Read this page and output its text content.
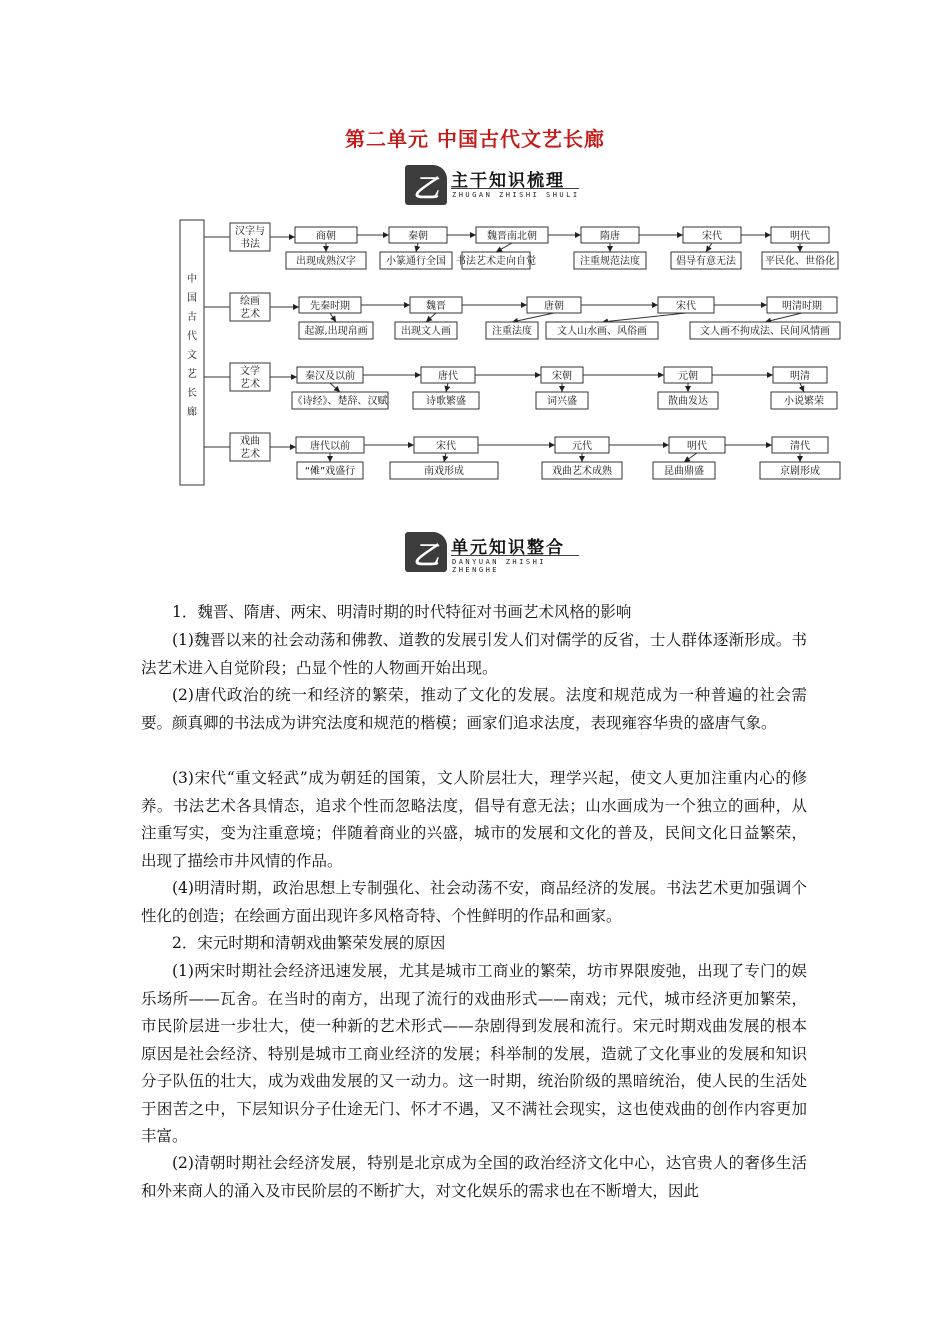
第二单元 中国古代文艺长廊
乙 主干知识梳理
ZHUGAN ZHISHI SHULI
中
国
古
代
文
艺
长
廊
汉字与
书法
商朝
出现成熟汉字
秦朝
小篆通行全国
魏晋南北朝
书法艺术走向自觉
隋唐
注重规范法度
宋代
倡导有意无法
明代
平民化、世俗化
绘画
艺术
先秦时期
起源,出现帛画
魏晋
出现文人画
唐朝
注重法度
宋代
文人山水画、风俗画
明清时期
文人画不拘成法、民间风情画
文学
艺术
秦汉及以前
《诗经》、楚辞、汉赋
唐代
诗歌繁盛
宋朝
词兴盛
元朝
散曲发达
明清
小说繁荣
戏曲
艺术
唐代以前
“傩”戏盛行
宋代
南戏形成
元代
戏曲艺术成熟
明代
昆曲鼎盛
清代
京剧形成
乙 单元知识整合
DANYUAN ZHISHI ZHENGHE
1．魏晋、隋唐、两宋、明清时期的时代特征对书画艺术风格的影响
(1)魏晋以来的社会动荡和佛教、道教的发展引发人们对儒学的反省，士人群体逐渐形成。书法艺术进入自觉阶段；凸显个性的人物画开始出现。
(2)唐代政治的统一和经济的繁荣，推动了文化的发展。法度和规范成为一种普遍的社会需要。颜真卿的书法成为讲究法度和规范的楷模；画家们追求法度，表现雍容华贵的盛唐气象。
(3)宋代“重文轻武”成为朝廷的国策，文人阶层壮大，理学兴起，使文人更加注重内心的修养。书法艺术各具情态，追求个性而忽略法度，倡导有意无法；山水画成为一个独立的画种，从注重写实，变为注重意境；伴随着商业的兴盛，城市的发展和文化的普及，民间文化日益繁荣，出现了描绘市井风情的作品。
(4)明清时期，政治思想上专制强化、社会动荡不安，商品经济的发展。书法艺术更加强调个性化的创造；在绘画方面出现许多风格奇特、个性鲜明的作品和画家。
2．宋元时期和清朝戏曲繁荣发展的原因
(1)两宋时期社会经济迅速发展，尤其是城市工商业的繁荣，坊市界限废弛，出现了专门的娱乐场所——瓦舍。在当时的南方，出现了流行的戏曲形式——南戏；元代，城市经济更加繁荣，市民阶层进一步壮大，使一种新的艺术形式——杂剧得到发展和流行。宋元时期戏曲发展的根本原因是社会经济、特别是城市工商业经济的发展；科举制的发展，造就了文化事业的发展和知识分子队伍的壮大，成为戏曲发展的又一动力。这一时期，统治阶级的黑暗统治，使人民的生活处于困苦之中，下层知识分子仕途无门、怀才不遇，又不满社会现实，这也使戏曲的创作内容更加丰富。
(2)清朝时期社会经济发展，特别是北京成为全国的政治经济文化中心，达官贵人的奢侈生活和外来商人的涌入及市民阶层的不断扩大，对文化娱乐的需求也在不断增大，因此
